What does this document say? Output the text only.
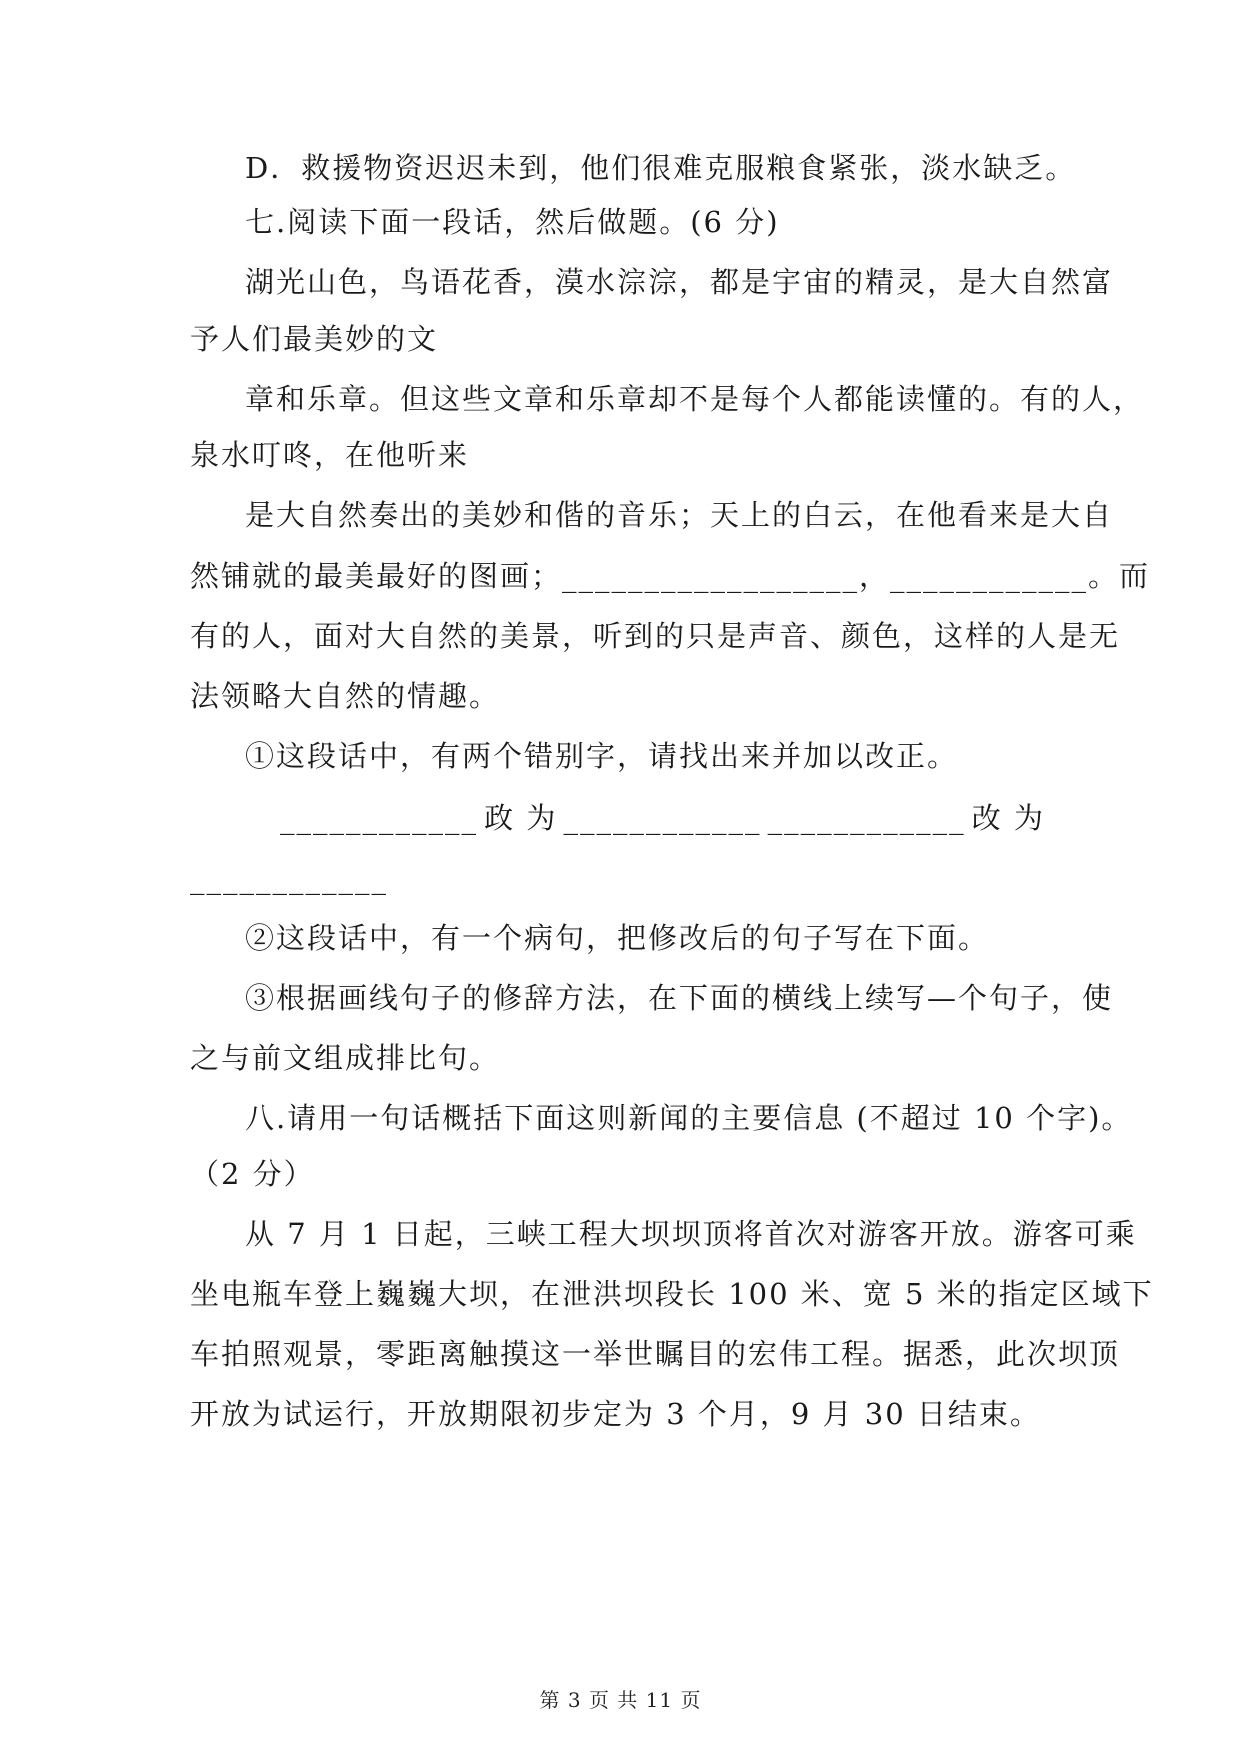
D．救援物资迟迟未到，他们很难克服粮食紧张，淡水缺乏。
七.阅读下面一段话，然后做题。(6 分)
湖光山色，鸟语花香，漠水淙淙，都是宇宙的精灵，是大自然富
予人们最美妙的文
章和乐章。但这些文章和乐章却不是每个人都能读懂的。有的人，
泉水叮咚，在他听来
是大自然奏出的美妙和偕的音乐；天上的白云，在他看来是大自
然铺就的最美最好的图画；__________________，____________。而
有的人，面对大自然的美景，听到的只是声音、颜色，这样的人是无
法领略大自然的情趣。
①这段话中，有两个错别字，请找出来并加以改正。
____________ 政 为 ____________ ____________ 改 为
____________
②这段话中，有一个病句，把修改后的句子写在下面。
③根据画线句子的修辞方法，在下面的横线上续写—个句子，使
之与前文组成排比句。
八.请用一句话概括下面这则新闻的主要信息 (不超过 10 个字)。
（2 分）
从 7 月 1 日起，三峡工程大坝坝顶将首次对游客开放。游客可乘
坐电瓶车登上巍巍大坝，在泄洪坝段长 100 米、宽 5 米的指定区域下
车拍照观景，零距离触摸这一举世瞩目的宏伟工程。据悉，此次坝顶
开放为试运行，开放期限初步定为 3 个月，9 月 30 日结束。
第 3 页 共 11 页
